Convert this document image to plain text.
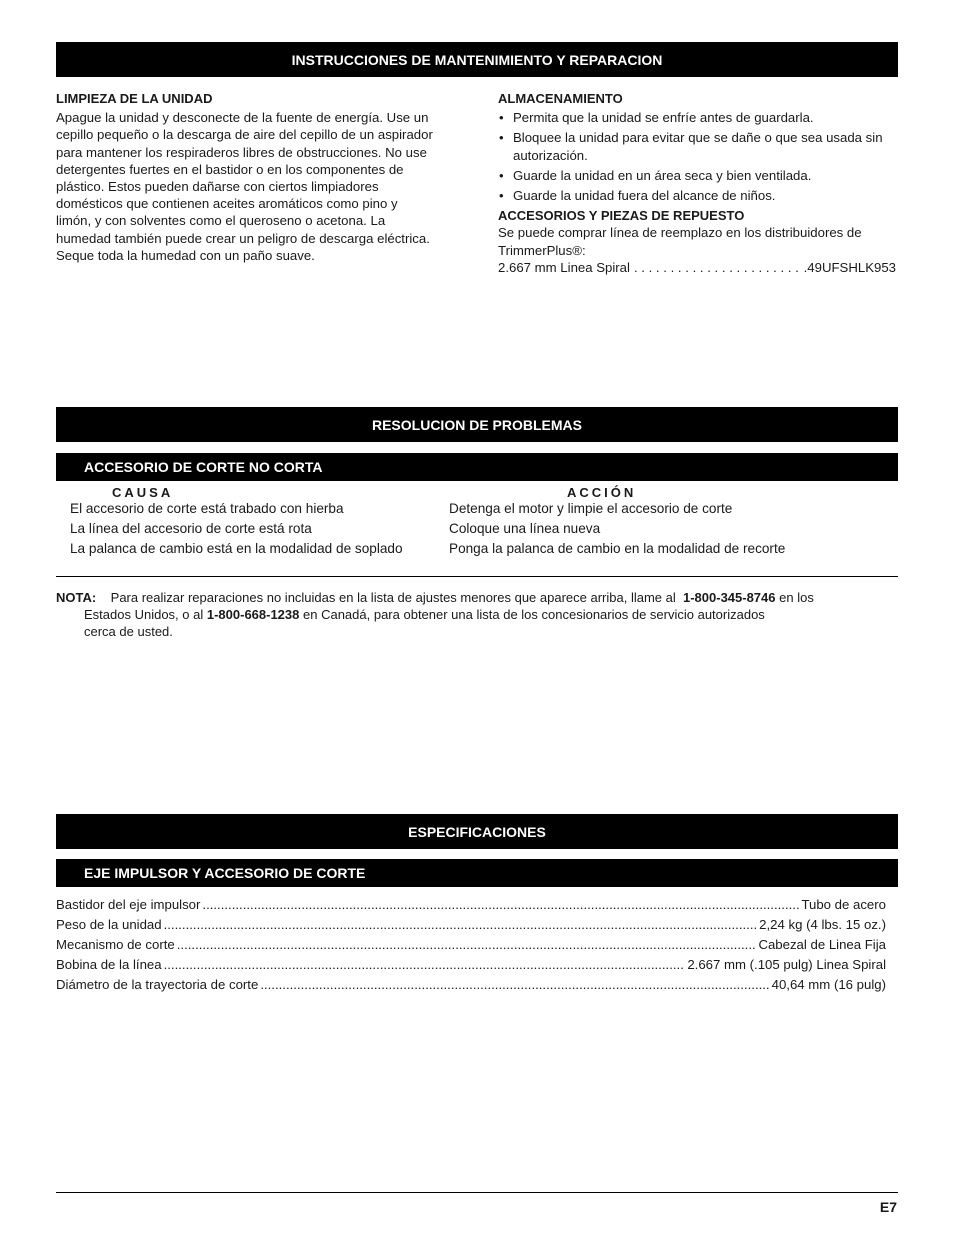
INSTRUCCIONES DE MANTENIMIENTO Y REPARACION
LIMPIEZA DE LA UNIDAD
Apague la unidad y desconecte de la fuente de energía. Use un
cepillo pequeño o la descarga de aire del cepillo de un aspirador
para mantener los respiraderos libres de obstrucciones. No use
detergentes fuertes en el bastidor o en los componentes de
plástico. Estos pueden dañarse con ciertos limpiadores
domésticos que contienen aceites aromáticos como pino y
limón, y con solventes como el queroseno o acetona. La
humedad también puede crear un peligro de descarga eléctrica.
Seque toda la humedad con un paño suave.
ALMACENAMIENTO
• Permita que la unidad se enfríe antes de guardarla.
• Bloquee la unidad para evitar que se dañe o que sea usada sin autorización.
• Guarde la unidad en un área seca y bien ventilada.
• Guarde la unidad fuera del alcance de niños.
ACCESORIOS Y PIEZAS DE REPUESTO
Se puede comprar línea de reemplazo en los distribuidores de
TrimmerPlus®:
2.667 mm Linea Spiral . . .	.49UFSHLK953
RESOLUCION DE PROBLEMAS
ACCESORIO DE CORTE NO CORTA
CAUSA	ACCIÓN
El accesorio de corte está trabado con hierba	Detenga el motor y limpie el accesorio de corte
La línea del accesorio de corte está rota	Coloque una línea nueva
La palanca de cambio está en la modalidad de soplado	Ponga la palanca de cambio en la modalidad de recorte
NOTA: Para realizar reparaciones no incluidas en la lista de ajustes menores que aparece arriba, llame al 1-800-345-8746 en los
Estados Unidos, o al 1-800-668-1238 en Canadá, para obtener una lista de los concesionarios de servicio autorizados
cerca de usted.
ESPECIFICACIONES
EJE IMPULSOR Y ACCESORIO DE CORTE
Bastidor del eje impulsor .....	Tubo de acero
Peso de la unidad .....	2,24 kg (4 lbs. 15 oz.)
Mecanismo de corte .....	Cabezal de Linea Fija
Bobina de la línea .....	2.667 mm (.105 pulg) Linea Spiral
Diámetro de la trayectoria de corte .....	40,64 mm (16 pulg)
E7
